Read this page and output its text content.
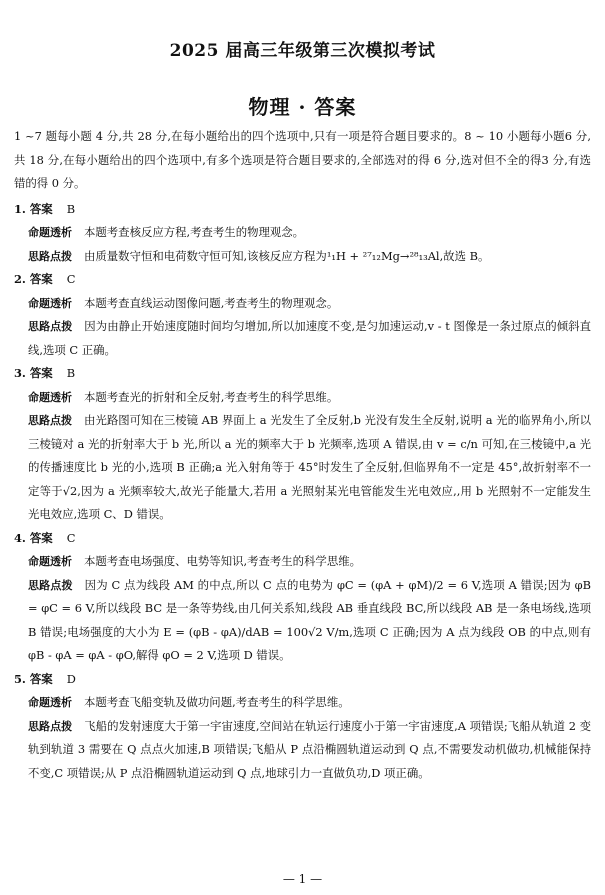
2025 届高三年级第三次模拟考试
物理 · 答案

1 ~7 题每小题 4 分,共 28 分,在每小题给出的四个选项中,只有一项是符合题目要求的。8 ~ 10 小题每小题6 分,共 18 分,在每小题给出的四个选项中,有多个选项是符合题目要求的,全部选对的得 6 分,选对但不全的得3 分,有选错的得 0 分。

1. 答案 B

命题透析 本题考查核反应方程,考查考生的物理观念。

思路点拨 由质量数守恒和电荷数守恒可知,该核反应方程为¹₁H + ²⁷₁₂Mg→²⁸₁₃Al,故选 B。

2. 答案 C

命题透析 本题考查直线运动图像问题,考查考生的物理观念。

思路点拨 因为由静止开始速度随时间均匀增加,所以加速度不变,是匀加速运动,v - t 图像是一条过原点的倾斜直线,选项 C 正确。

3. 答案 B

命题透析 本题考查光的折射和全反射,考查考生的科学思维。

思路点拨 由光路图可知在三棱镜 AB 界面上 a 光发生了全反射,b 光没有发生全反射,说明 a 光的临界角小,所以三棱镜对 a 光的折射率大于 b 光,所以 a 光的频率大于 b 光频率,选项 A 错误,由 v = c/n 可知,在三棱镜中,a 光的传播速度比 b 光的小,选项 B 正确;a 光入射角等于 45°时发生了全反射,但临界角不一定是 45°,故折射率不一定等于√2,因为 a 光频率较大,故光子能量大,若用 a 光照射某光电管能发生光电效应,,用 b 光照射不一定能发生光电效应,选项 C、D 错误。

4. 答案 C

命题透析 本题考查电场强度、电势等知识,考查考生的科学思维。

思路点拨 因为 C 点为线段 AM 的中点,所以 C 点的电势为 φC = (φA + φM)/2 = 6 V,选项 A 错误;因为 φB = φC = 6 V,所以线段 BC 是一条等势线,由几何关系知,线段 AB 垂直线段 BC,所以线段 AB 是一条电场线,选项 B 错误;电场强度的大小为 E = (φB - φA)/dAB = 100√2 V/m,选项 C 正确;因为 A 点为线段 OB 的中点,则有 φB - φA = φA - φO,解得 φO = 2 V,选项 D 错误。

5. 答案 D

命题透析 本题考查飞船变轨及做功问题,考查考生的科学思维。

思路点拨 飞船的发射速度大于第一宇宙速度,空间站在轨运行速度小于第一宇宙速度,A 项错误;飞船从轨道 2 变轨到轨道 3 需要在 Q 点点火加速,B 项错误;飞船从 P 点沿椭圆轨道运动到 Q 点,不需要发动机做功,机械能保持不变,C 项错误;从 P 点沿椭圆轨道运动到 Q 点,地球引力一直做负功,D 项正确。

— 1 —
